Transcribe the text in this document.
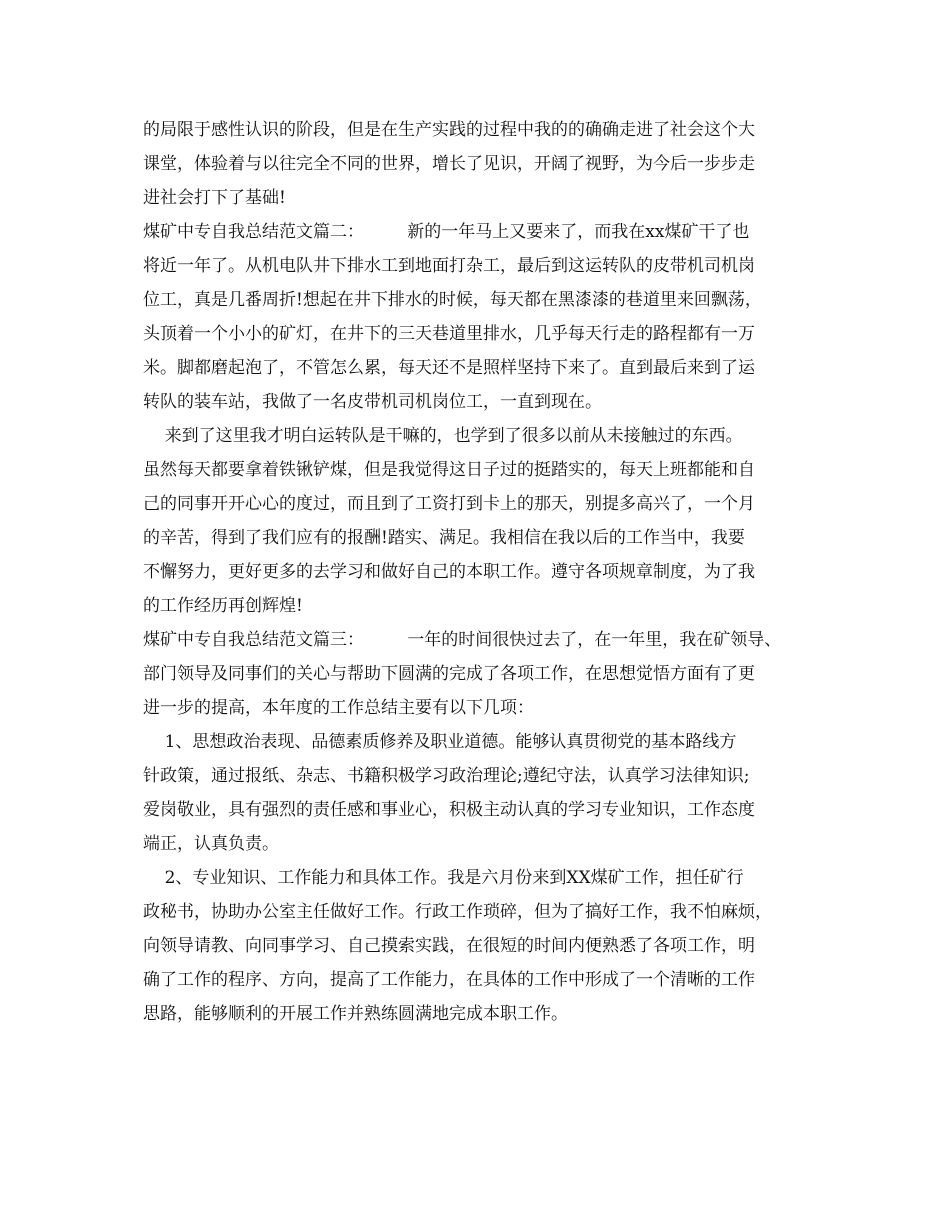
的局限于感性认识的阶段，但是在生产实践的过程中我的的确确走进了社会这个大
课堂，体验着与以往完全不同的世界，增长了见识，开阔了视野，为今后一步步走
进社会打下了基础!
煤矿中专自我总结范文篇二：        新的一年马上又要来了，而我在xx煤矿干了也
将近一年了。从机电队井下排水工到地面打杂工，最后到这运转队的皮带机司机岗
位工，真是几番周折!想起在井下排水的时候，每天都在黑漆漆的巷道里来回飘荡，
头顶着一个小小的矿灯，在井下的三天巷道里排水，几乎每天行走的路程都有一万
米。脚都磨起泡了，不管怎么累，每天还不是照样坚持下来了。直到最后来到了运
转队的装车站，我做了一名皮带机司机岗位工，一直到现在。
来到了这里我才明白运转队是干嘛的，也学到了很多以前从未接触过的东西。
虽然每天都要拿着铁锹铲煤，但是我觉得这日子过的挺踏实的，每天上班都能和自
己的同事开开心心的度过，而且到了工资打到卡上的那天，别提多高兴了，一个月
的辛苦，得到了我们应有的报酬!踏实、满足。我相信在我以后的工作当中，我要
不懈努力，更好更多的去学习和做好自己的本职工作。遵守各项规章制度，为了我
的工作经历再创辉煌!
煤矿中专自我总结范文篇三：        一年的时间很快过去了，在一年里，我在矿领导、
部门领导及同事们的关心与帮助下圆满的完成了各项工作，在思想觉悟方面有了更
进一步的提高，本年度的工作总结主要有以下几项：
1、思想政治表现、品德素质修养及职业道德。能够认真贯彻党的基本路线方
针政策，通过报纸、杂志、书籍积极学习政治理论;遵纪守法，认真学习法律知识;
爱岗敬业，具有强烈的责任感和事业心，积极主动认真的学习专业知识，工作态度
端正，认真负责。
2、专业知识、工作能力和具体工作。我是六月份来到XX煤矿工作，担任矿行
政秘书，协助办公室主任做好工作。行政工作琐碎，但为了搞好工作，我不怕麻烦，
向领导请教、向同事学习、自己摸索实践，在很短的时间内便熟悉了各项工作，明
确了工作的程序、方向，提高了工作能力，在具体的工作中形成了一个清晰的工作
思路，能够顺利的开展工作并熟练圆满地完成本职工作。
